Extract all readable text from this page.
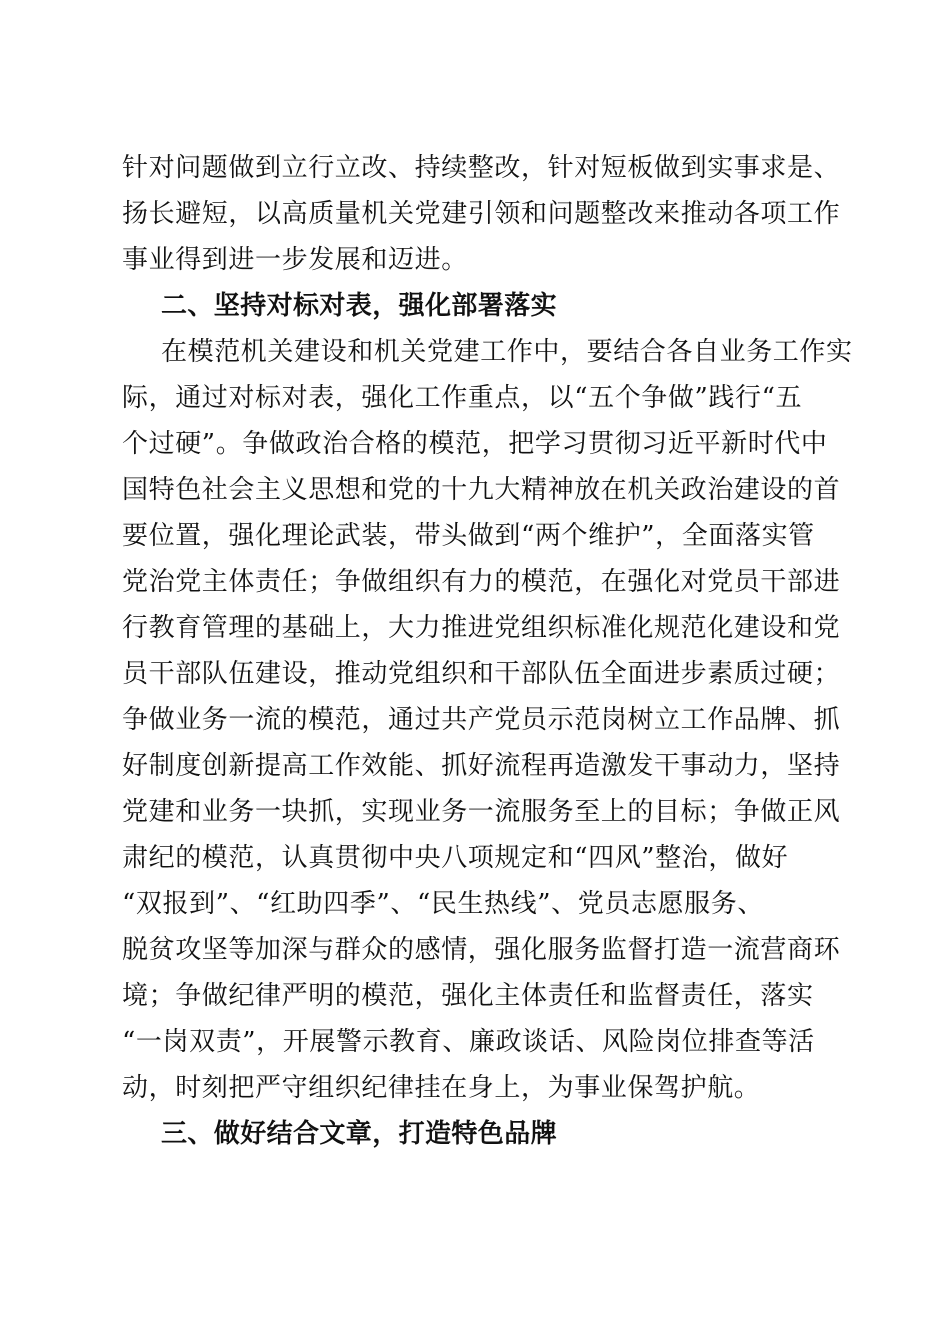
针对问题做到立行立改、持续整改，针对短板做到实事求是、
扬长避短，以高质量机关党建引领和问题整改来推动各项工作
事业得到进一步发展和迈进。
二、坚持对标对表，强化部署落实
在模范机关建设和机关党建工作中，要结合各自业务工作实
际，通过对标对表，强化工作重点，以“五个争做”践行“五
个过硬”。争做政治合格的模范，把学习贯彻习近平新时代中
国特色社会主义思想和党的十九大精神放在机关政治建设的首
要位置，强化理论武装，带头做到“两个维护”，全面落实管
党治党主体责任；争做组织有力的模范，在强化对党员干部进
行教育管理的基础上，大力推进党组织标准化规范化建设和党
员干部队伍建设，推动党组织和干部队伍全面进步素质过硬；
争做业务一流的模范，通过共产党员示范岗树立工作品牌、抓
好制度创新提高工作效能、抓好流程再造激发干事动力，坚持
党建和业务一块抓，实现业务一流服务至上的目标；争做正风
肃纪的模范，认真贯彻中央八项规定和“四风”整治，做好
“双报到”、“红助四季”、“民生热线”、党员志愿服务、
脱贫攻坚等加深与群众的感情，强化服务监督打造一流营商环
境；争做纪律严明的模范，强化主体责任和监督责任，落实
“一岗双责”，开展警示教育、廉政谈话、风险岗位排查等活
动，时刻把严守组织纪律挂在身上，为事业保驾护航。
三、做好结合文章，打造特色品牌
